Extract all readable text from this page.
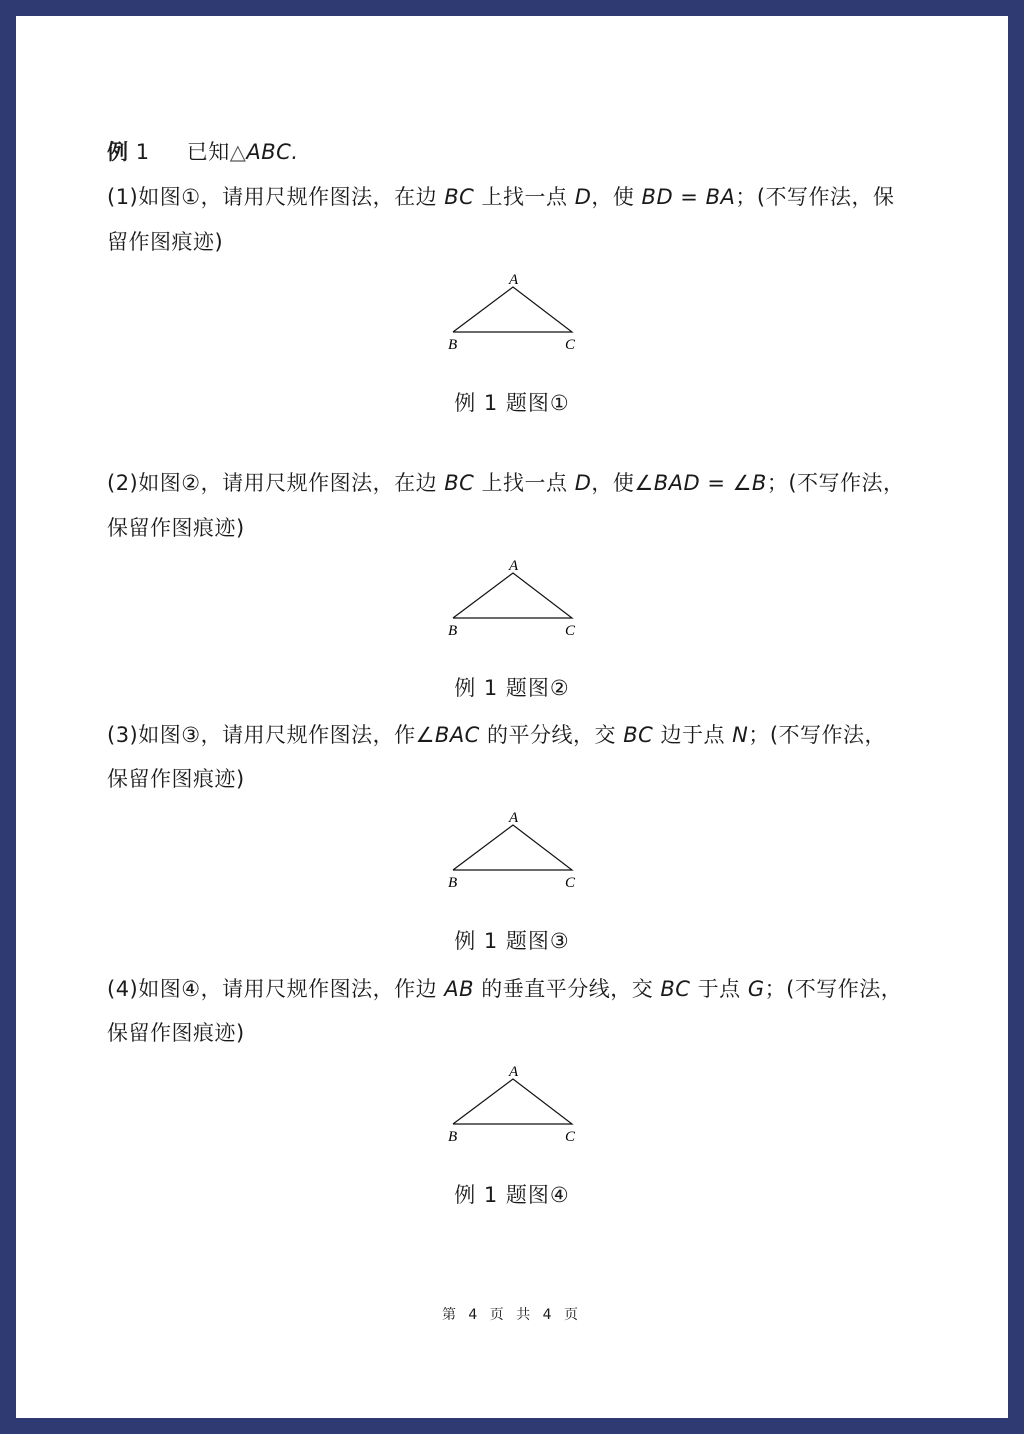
例 1 已知△ABC.
(1)如图①，请用尺规作图法，在边 BC 上找一点 D，使 BD = BA；(不写作法，保
留作图痕迹)
A
B	C
例 1 题图①
(2)如图②，请用尺规作图法，在边 BC 上找一点 D，使∠BAD = ∠B；(不写作法，
保留作图痕迹)
A
B	C
例 1 题图②
(3)如图③，请用尺规作图法，作∠BAC 的平分线，交 BC 边于点 N；(不写作法，
保留作图痕迹)
A
B	C
例 1 题图③
(4)如图④，请用尺规作图法，作边 AB 的垂直平分线，交 BC 于点 G；(不写作法，
保留作图痕迹)
A
B	C
例 1 题图④
第 4 页 共 4 页
